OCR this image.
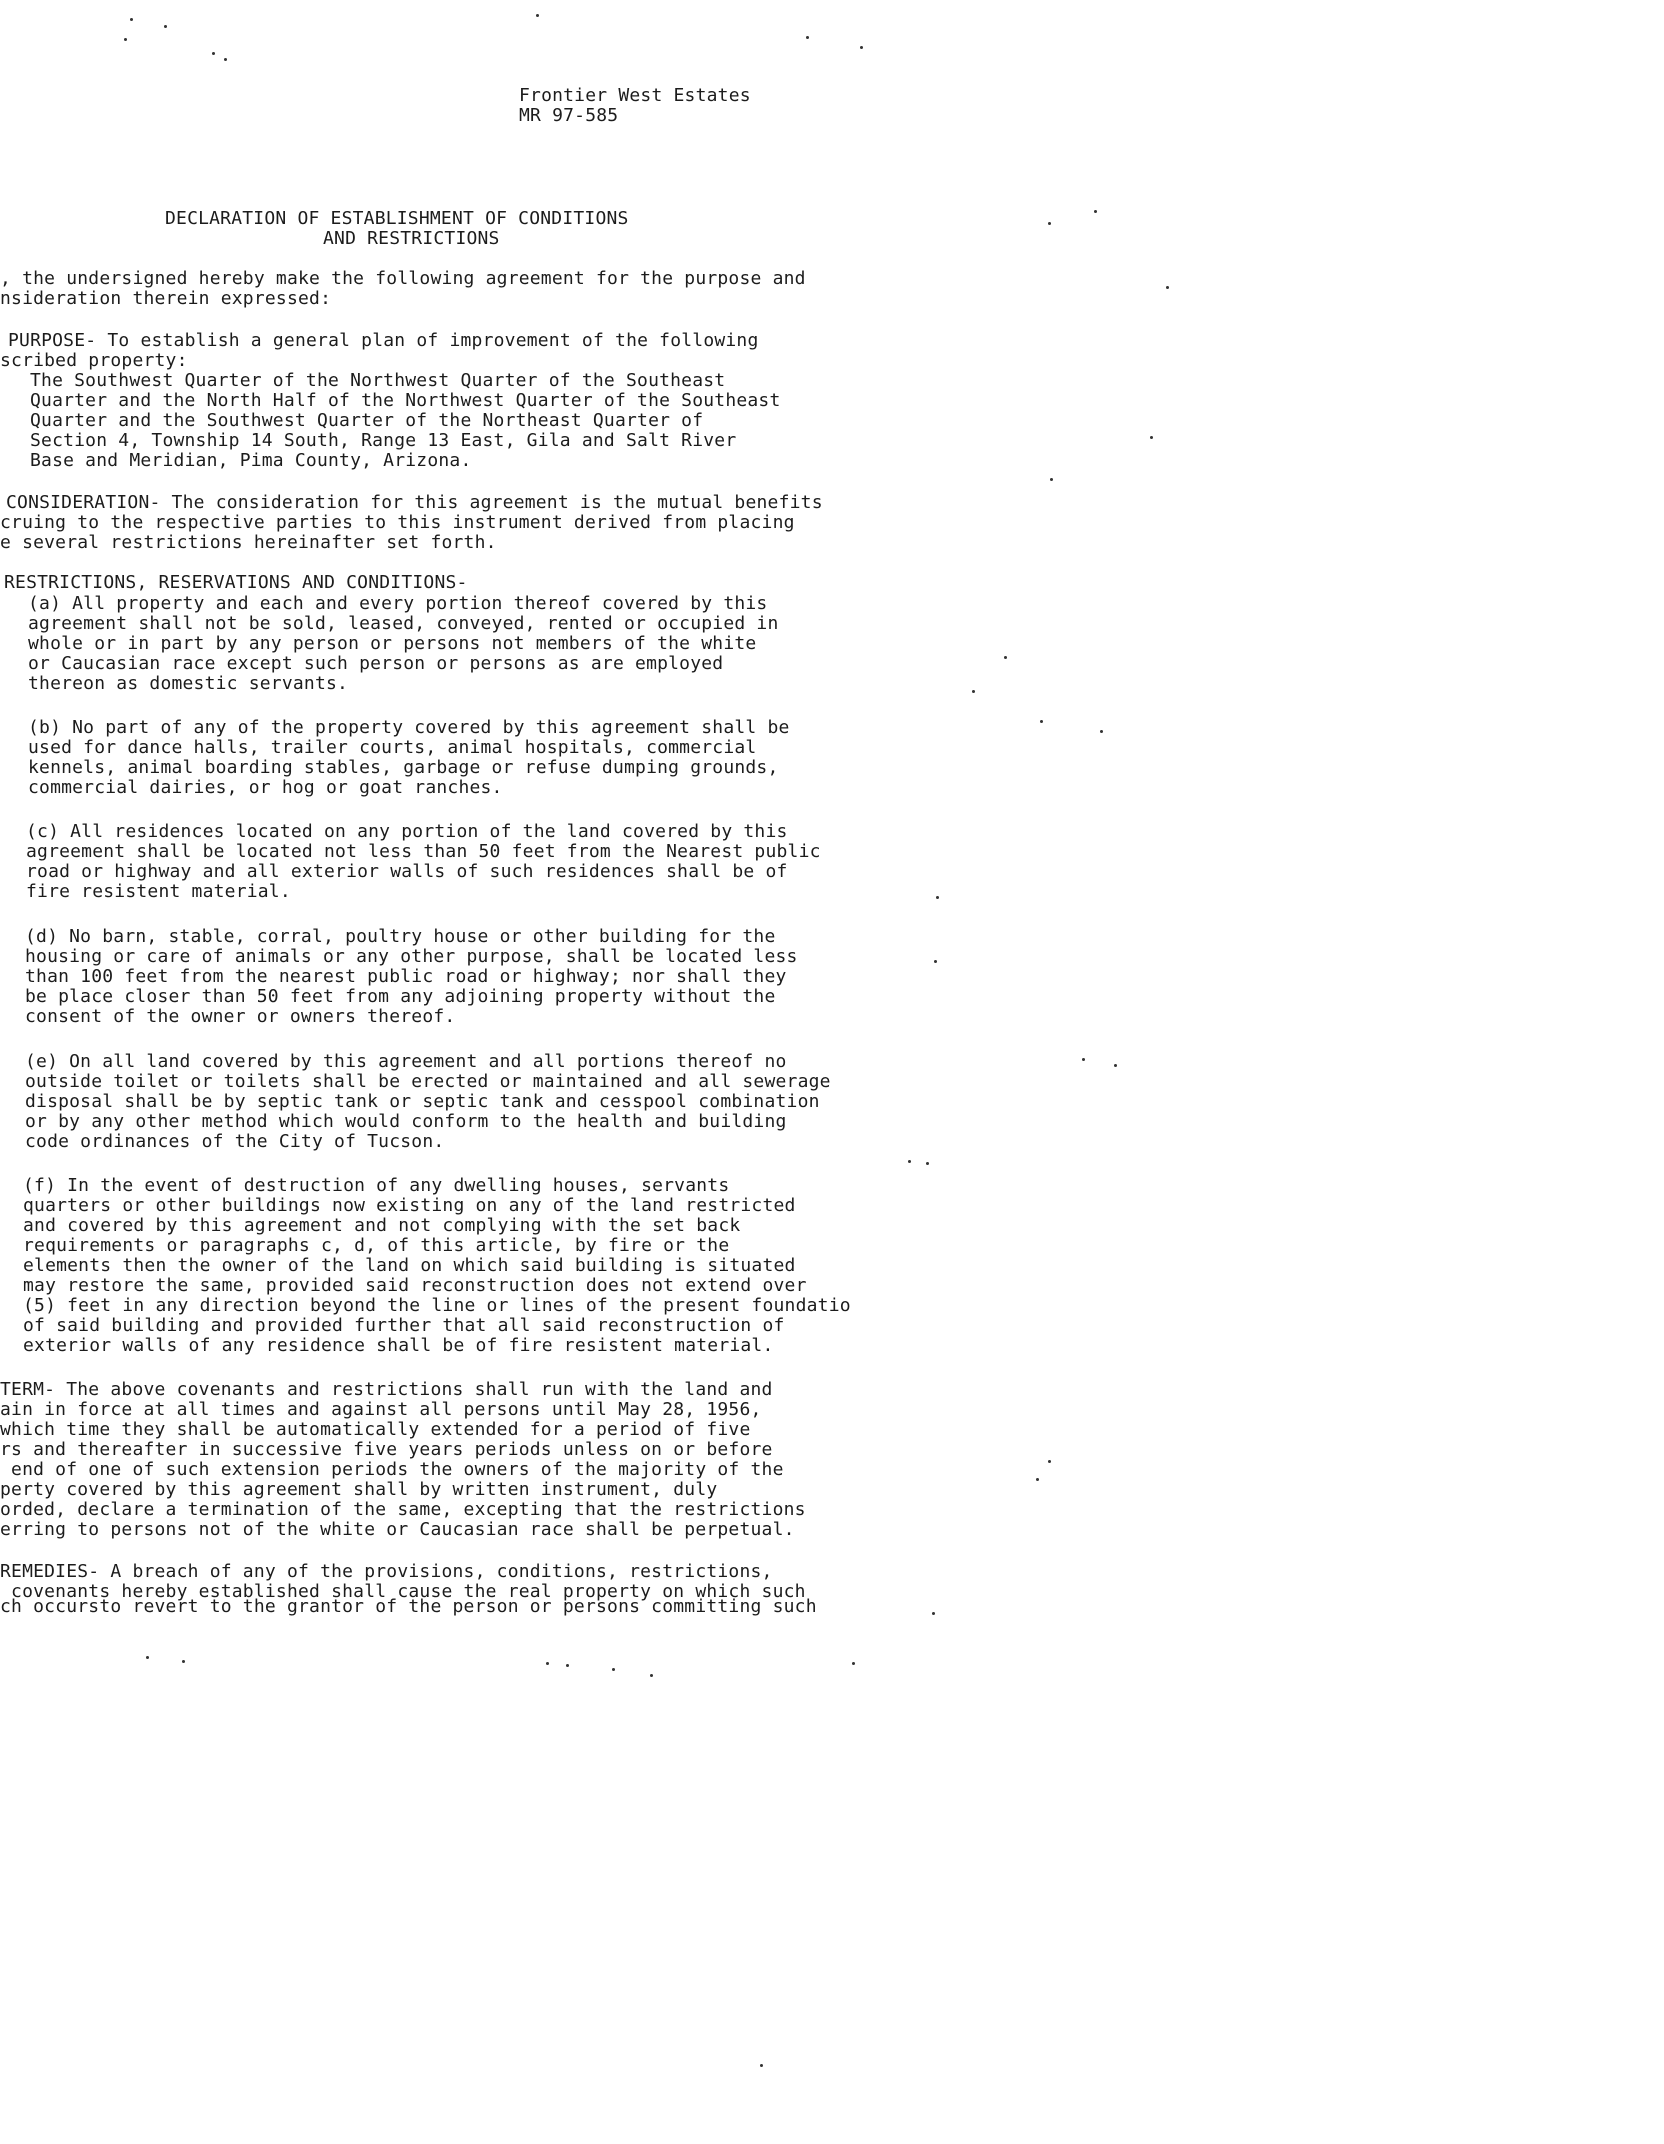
Frontier West Estates
MR 97-585
DECLARATION OF ESTABLISHMENT OF CONDITIONS
AND RESTRICTIONS
, the undersigned hereby make the following agreement for the purpose and
nsideration therein expressed:
PURPOSE- To establish a general plan of improvement of the following
scribed property:
The Southwest Quarter of the Northwest Quarter of the Southeast
Quarter and the North Half of the Northwest Quarter of the Southeast
Quarter and the Southwest Quarter of the Northeast Quarter of
Section 4, Township 14 South, Range 13 East, Gila and Salt River
Base and Meridian, Pima County, Arizona.
CONSIDERATION- The consideration for this agreement is the mutual benefits
cruing to the respective parties to this instrument derived from placing
e several restrictions hereinafter set forth.
RESTRICTIONS, RESERVATIONS AND CONDITIONS-
(a) All property and each and every portion thereof covered by this
agreement shall not be sold, leased, conveyed, rented or occupied in
whole or in part by any person or persons not members of the white
or Caucasian race except such person or persons as are employed
thereon as domestic servants.
(b) No part of any of the property covered by this agreement shall be
used for dance halls, trailer courts, animal hospitals, commercial
kennels, animal boarding stables, garbage or refuse dumping grounds,
commercial dairies, or hog or goat ranches.
(c) All residences located on any portion of the land covered by this
agreement shall be located not less than 50 feet from the Nearest public
road or highway and all exterior walls of such residences shall be of
fire resistent material.
(d) No barn, stable, corral, poultry house or other building for the
housing or care of animals or any other purpose, shall be located less
than 100 feet from the nearest public road or highway; nor shall they
be place closer than 50 feet from any adjoining property without the
consent of the owner or owners thereof.
(e) On all land covered by this agreement and all portions thereof no
outside toilet or toilets shall be erected or maintained and all sewerage
disposal shall be by septic tank or septic tank and cesspool combination
or by any other method which would conform to the health and building
code ordinances of the City of Tucson.
(f) In the event of destruction of any dwelling houses, servants
quarters or other buildings now existing on any of the land restricted
and covered by this agreement and not complying with the set back
requirements or paragraphs c, d, of this article, by fire or the
elements then the owner of the land on which said building is situated
may restore the same, provided said reconstruction does not extend over
(5) feet in any direction beyond the line or lines of the present foundatio
of said building and provided further that all said reconstruction of
exterior walls of any residence shall be of fire resistent material.
TERM- The above covenants and restrictions shall run with the land and
ain in force at all times and against all persons until May 28, 1956,
which time they shall be automatically extended for a period of five
rs and thereafter in successive five years periods unless on or before
end of one of such extension periods the owners of the majority of the
perty covered by this agreement shall by written instrument, duly
orded, declare a termination of the same, excepting that the restrictions
erring to persons not of the white or Caucasian race shall be perpetual.
REMEDIES- A breach of any of the provisions, conditions, restrictions,
covenants hereby established shall cause the real property on which such
ch occursto revert to the grantor of the person or persons committing such
